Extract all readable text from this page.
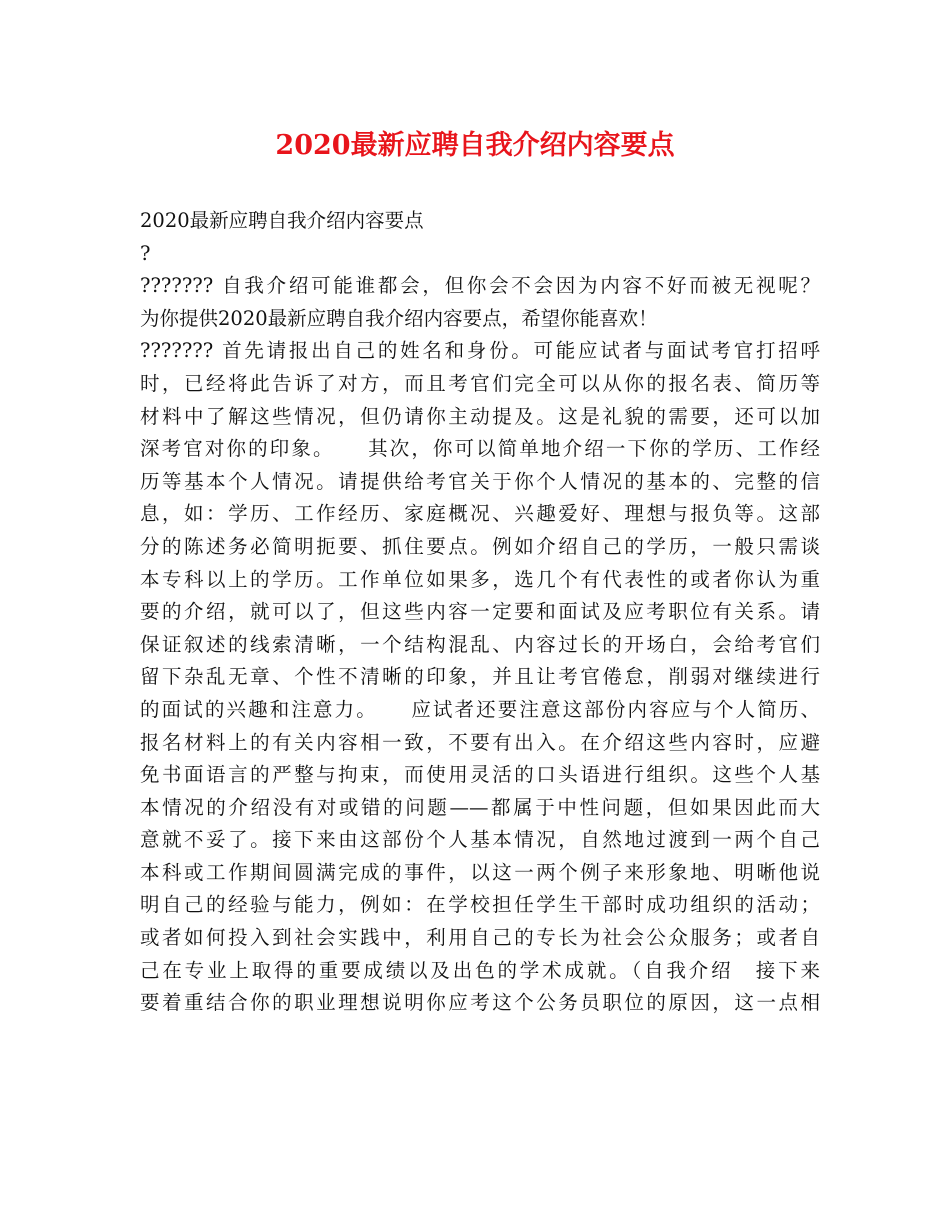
2020最新应聘自我介绍内容要点
2020最新应聘自我介绍内容要点
?
??????? 自我介绍可能谁都会，但你会不会因为内容不好而被无视呢？
为你提供2020最新应聘自我介绍内容要点，希望你能喜欢！
??????? 首先请报出自己的姓名和身份。可能应试者与面试考官打招呼
时，已经将此告诉了对方，而且考官们完全可以从你的报名表、简历等
材料中了解这些情况，但仍请你主动提及。这是礼貌的需要，还可以加
深考官对你的印象。　　其次，你可以简单地介绍一下你的学历、工作经
历等基本个人情况。请提供给考官关于你个人情况的基本的、完整的信
息，如：学历、工作经历、家庭概况、兴趣爱好、理想与报负等。这部
分的陈述务必简明扼要、抓住要点。例如介绍自己的学历，一般只需谈
本专科以上的学历。工作单位如果多，选几个有代表性的或者你认为重
要的介绍，就可以了，但这些内容一定要和面试及应考职位有关系。请
保证叙述的线索清晰，一个结构混乱、内容过长的开场白，会给考官们
留下杂乱无章、个性不清晰的印象，并且让考官倦怠，削弱对继续进行
的面试的兴趣和注意力。　　应试者还要注意这部份内容应与个人简历、
报名材料上的有关内容相一致，不要有出入。在介绍这些内容时，应避
免书面语言的严整与拘束，而使用灵活的口头语进行组织。这些个人基
本情况的介绍没有对或错的问题——都属于中性问题，但如果因此而大
意就不妥了。接下来由这部份个人基本情况，自然地过渡到一两个自己
本科或工作期间圆满完成的事件，以这一两个例子来形象地、明晰他说
明自己的经验与能力，例如：在学校担任学生干部时成功组织的活动；
或者如何投入到社会实践中，利用自己的专长为社会公众服务；或者自
己在专业上取得的重要成绩以及出色的学术成就。（自我介绍　接下来
要着重结合你的职业理想说明你应考这个公务员职位的原因，这一点相
